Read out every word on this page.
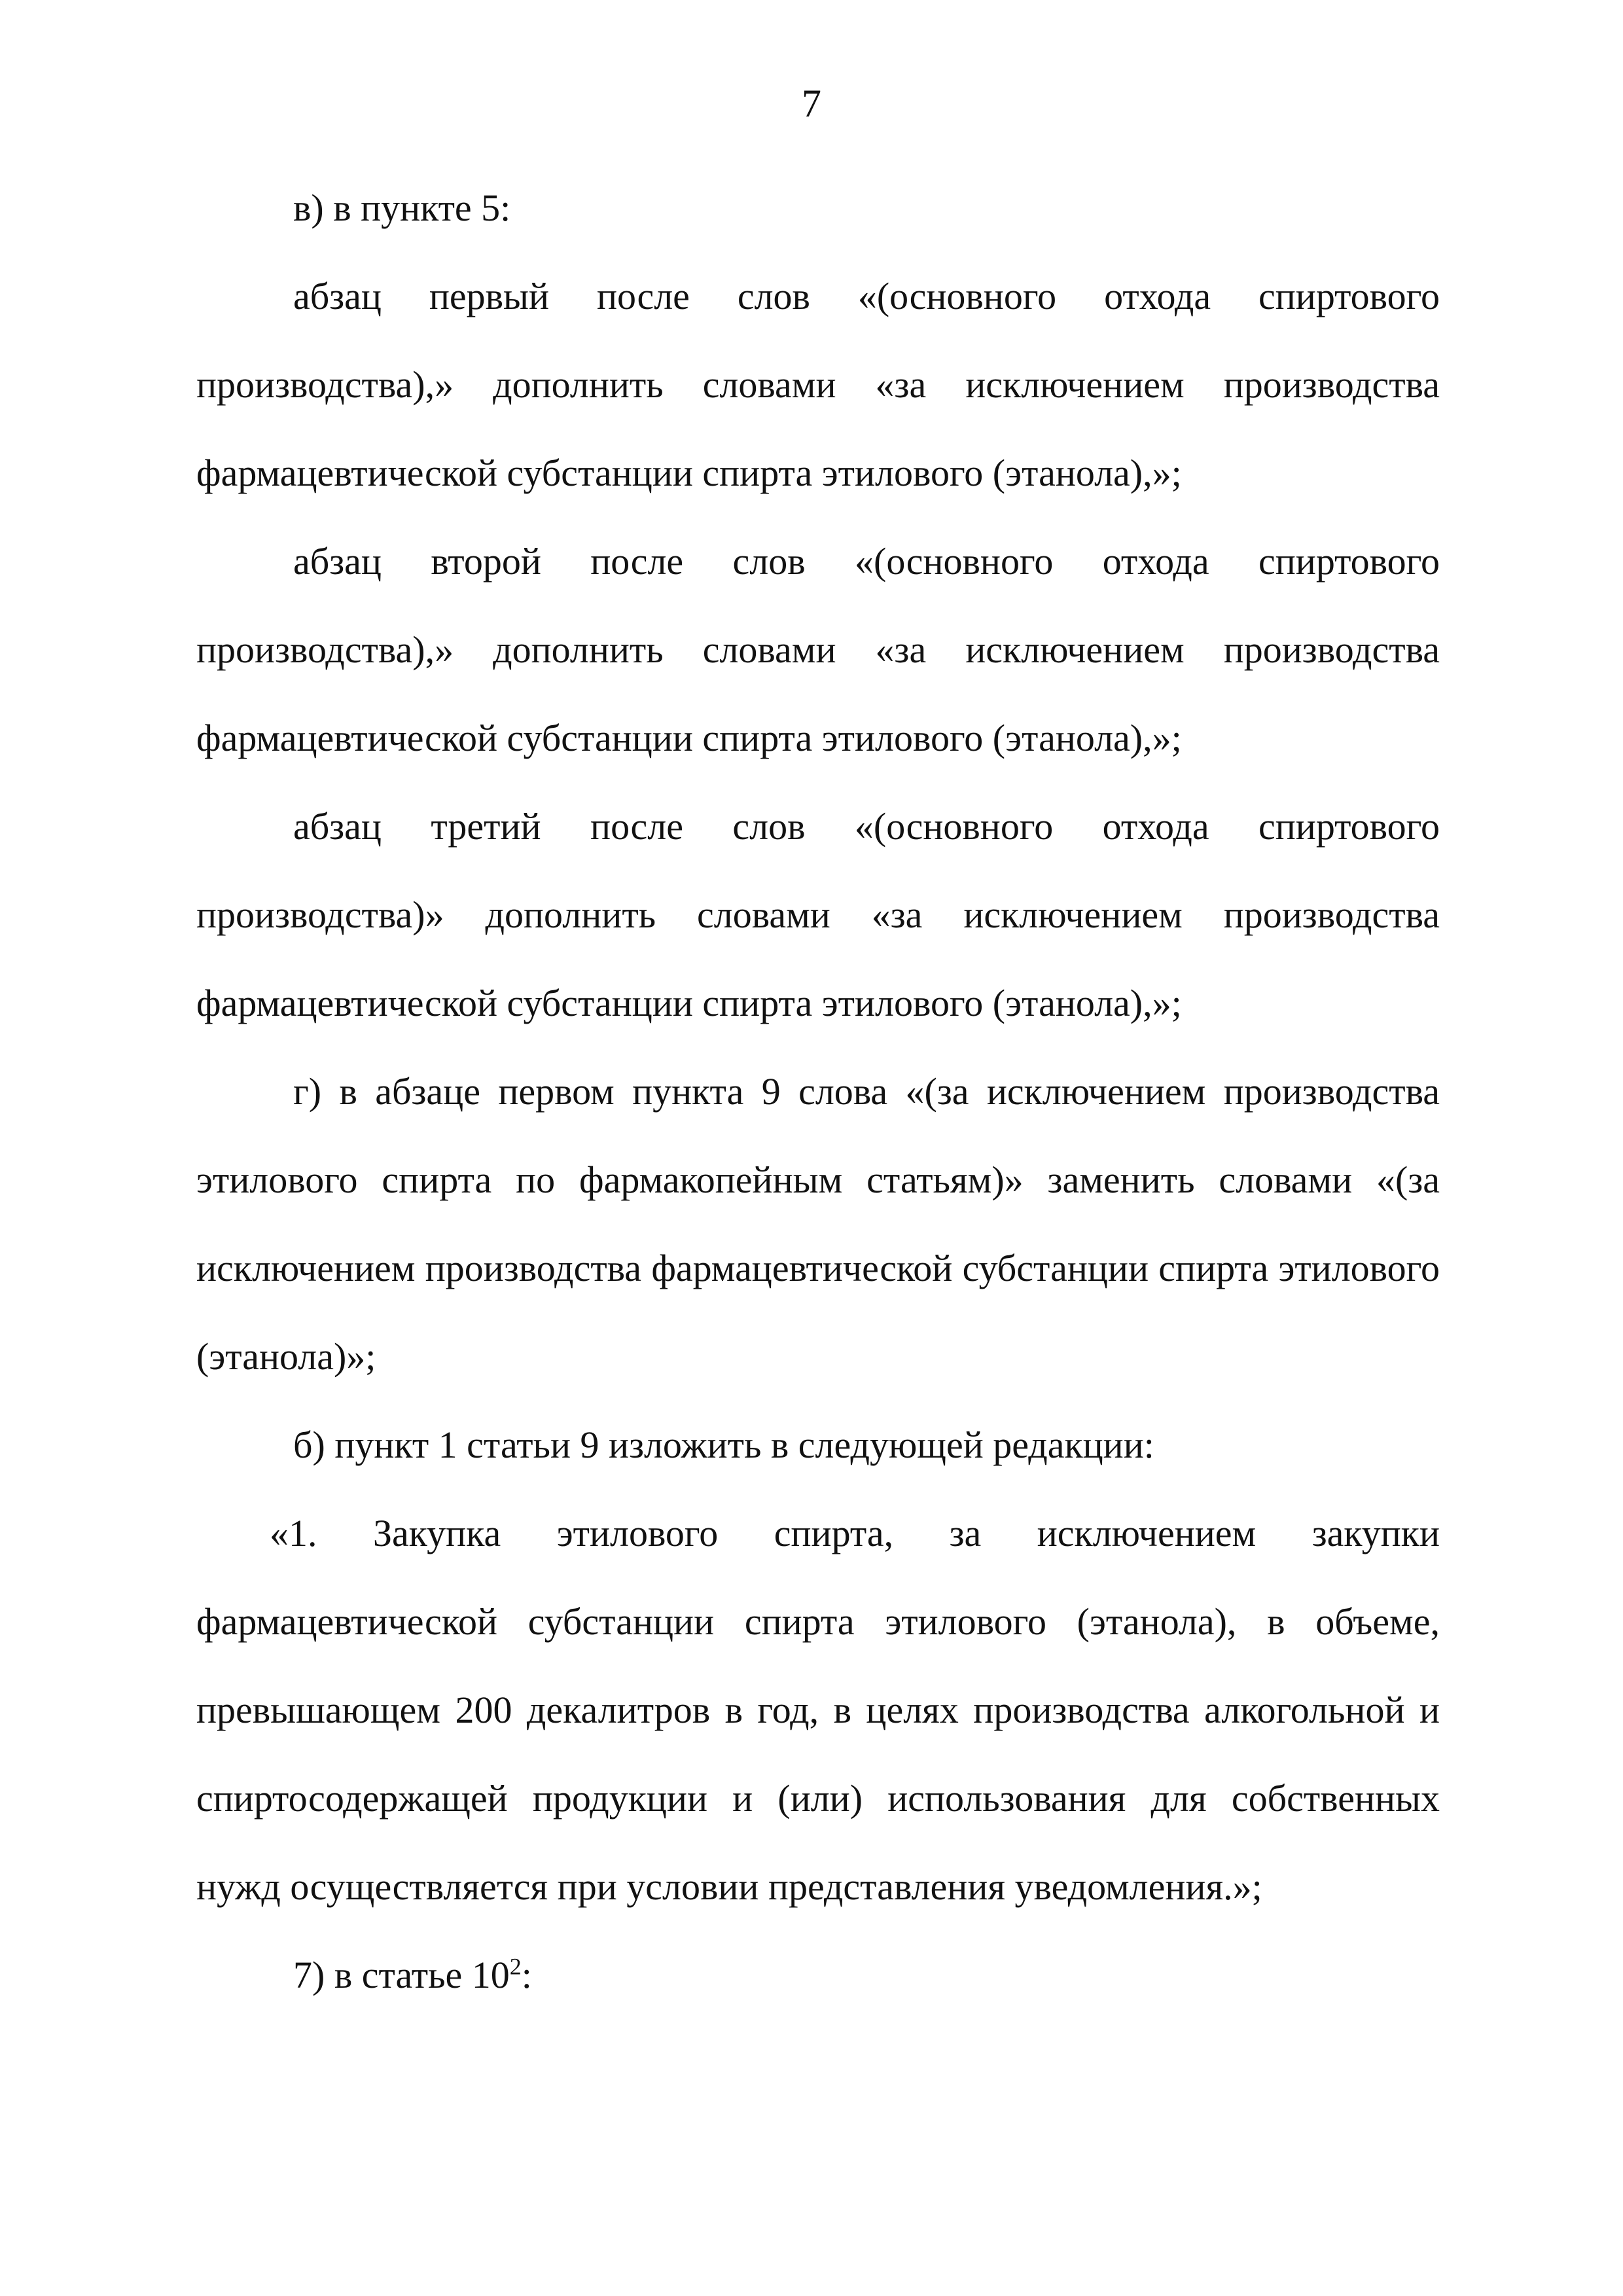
7

в) в пункте 5:

абзац первый после слов «(основного отхода спиртового производства),» дополнить словами «за исключением производства фармацевтической субстанции спирта этилового (этанола),»;

абзац второй после слов «(основного отхода спиртового производства),» дополнить словами «за исключением производства фармацевтической субстанции спирта этилового (этанола),»;

абзац третий после слов «(основного отхода спиртового производства)» дополнить словами «за исключением производства фармацевтической субстанции спирта этилового (этанола),»;

г) в абзаце первом пункта 9 слова «(за исключением производства этилового спирта по фармакопейным статьям)» заменить словами «(за исключением производства фармацевтической субстанции спирта этилового (этанола)»;

б) пункт 1 статьи 9 изложить в следующей редакции:

«1. Закупка этилового спирта, за исключением закупки фармацевтической субстанции спирта этилового (этанола), в объеме, превышающем 200 декалитров в год, в целях производства алкогольной и спиртосодержащей продукции и (или) использования для собственных нужд осуществляется при условии представления уведомления.»;

7) в статье $10^2$:
